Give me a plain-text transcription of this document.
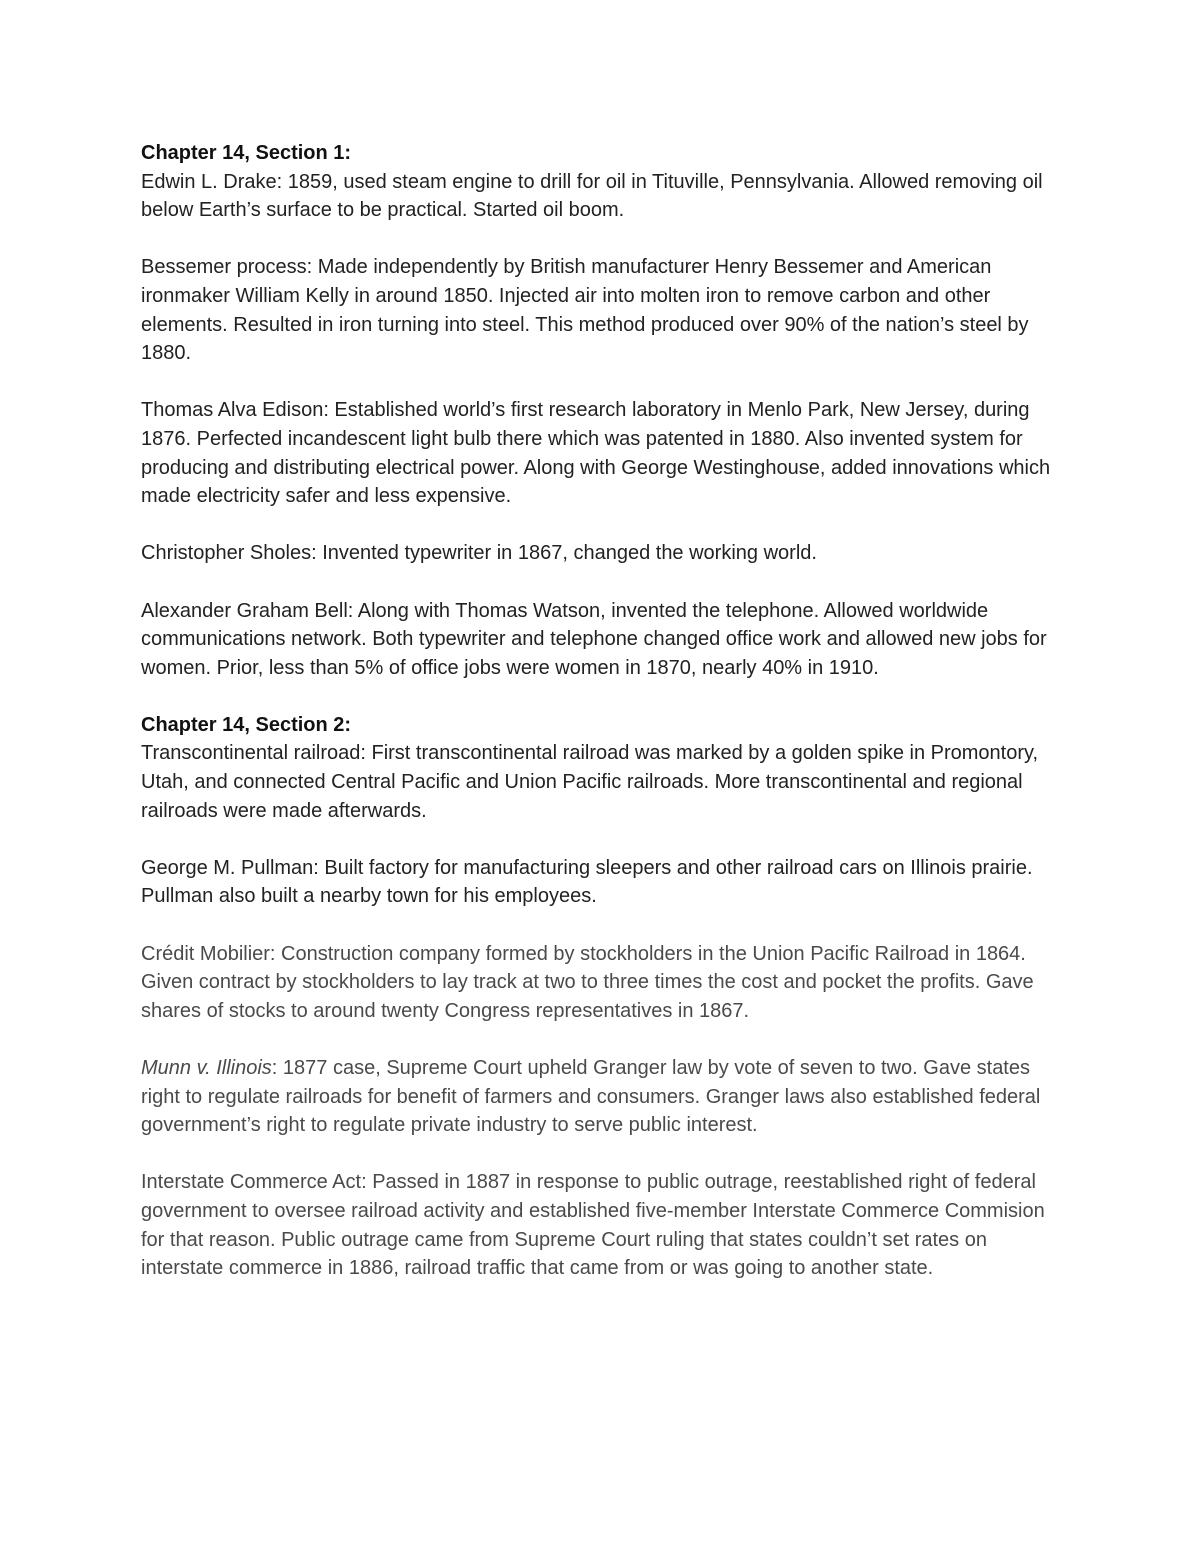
Chapter 14, Section 1:

Edwin L. Drake: 1859, used steam engine to drill for oil in Tituville, Pennsylvania. Allowed removing oil below Earth’s surface to be practical. Started oil boom.

Bessemer process: Made independently by British manufacturer Henry Bessemer and American ironmaker William Kelly in around 1850. Injected air into molten iron to remove carbon and other elements. Resulted in iron turning into steel. This method produced over 90% of the nation’s steel by 1880.

Thomas Alva Edison: Established world’s first research laboratory in Menlo Park, New Jersey, during 1876. Perfected incandescent light bulb there which was patented in 1880. Also invented system for producing and distributing electrical power. Along with George Westinghouse, added innovations which made electricity safer and less expensive.

Christopher Sholes: Invented typewriter in 1867, changed the working world.

Alexander Graham Bell: Along with Thomas Watson, invented the telephone. Allowed worldwide communications network. Both typewriter and telephone changed office work and allowed new jobs for women. Prior, less than 5% of office jobs were women in 1870, nearly 40% in 1910.

Chapter 14, Section 2:

Transcontinental railroad: First transcontinental railroad was marked by a golden spike in Promontory, Utah, and connected Central Pacific and Union Pacific railroads. More transcontinental and regional railroads were made afterwards.

George M. Pullman: Built factory for manufacturing sleepers and other railroad cars on Illinois prairie. Pullman also built a nearby town for his employees.

Crédit Mobilier: Construction company formed by stockholders in the Union Pacific Railroad in 1864. Given contract by stockholders to lay track at two to three times the cost and pocket the profits. Gave shares of stocks to around twenty Congress representatives in 1867.

Munn v. Illinois: 1877 case, Supreme Court upheld Granger law by vote of seven to two. Gave states right to regulate railroads for benefit of farmers and consumers. Granger laws also established federal government’s right to regulate private industry to serve public interest.

Interstate Commerce Act: Passed in 1887 in response to public outrage, reestablished right of federal government to oversee railroad activity and established five-member Interstate Commerce Commision for that reason. Public outrage came from Supreme Court ruling that states couldn’t set rates on interstate commerce in 1886, railroad traffic that came from or was going to another state.
